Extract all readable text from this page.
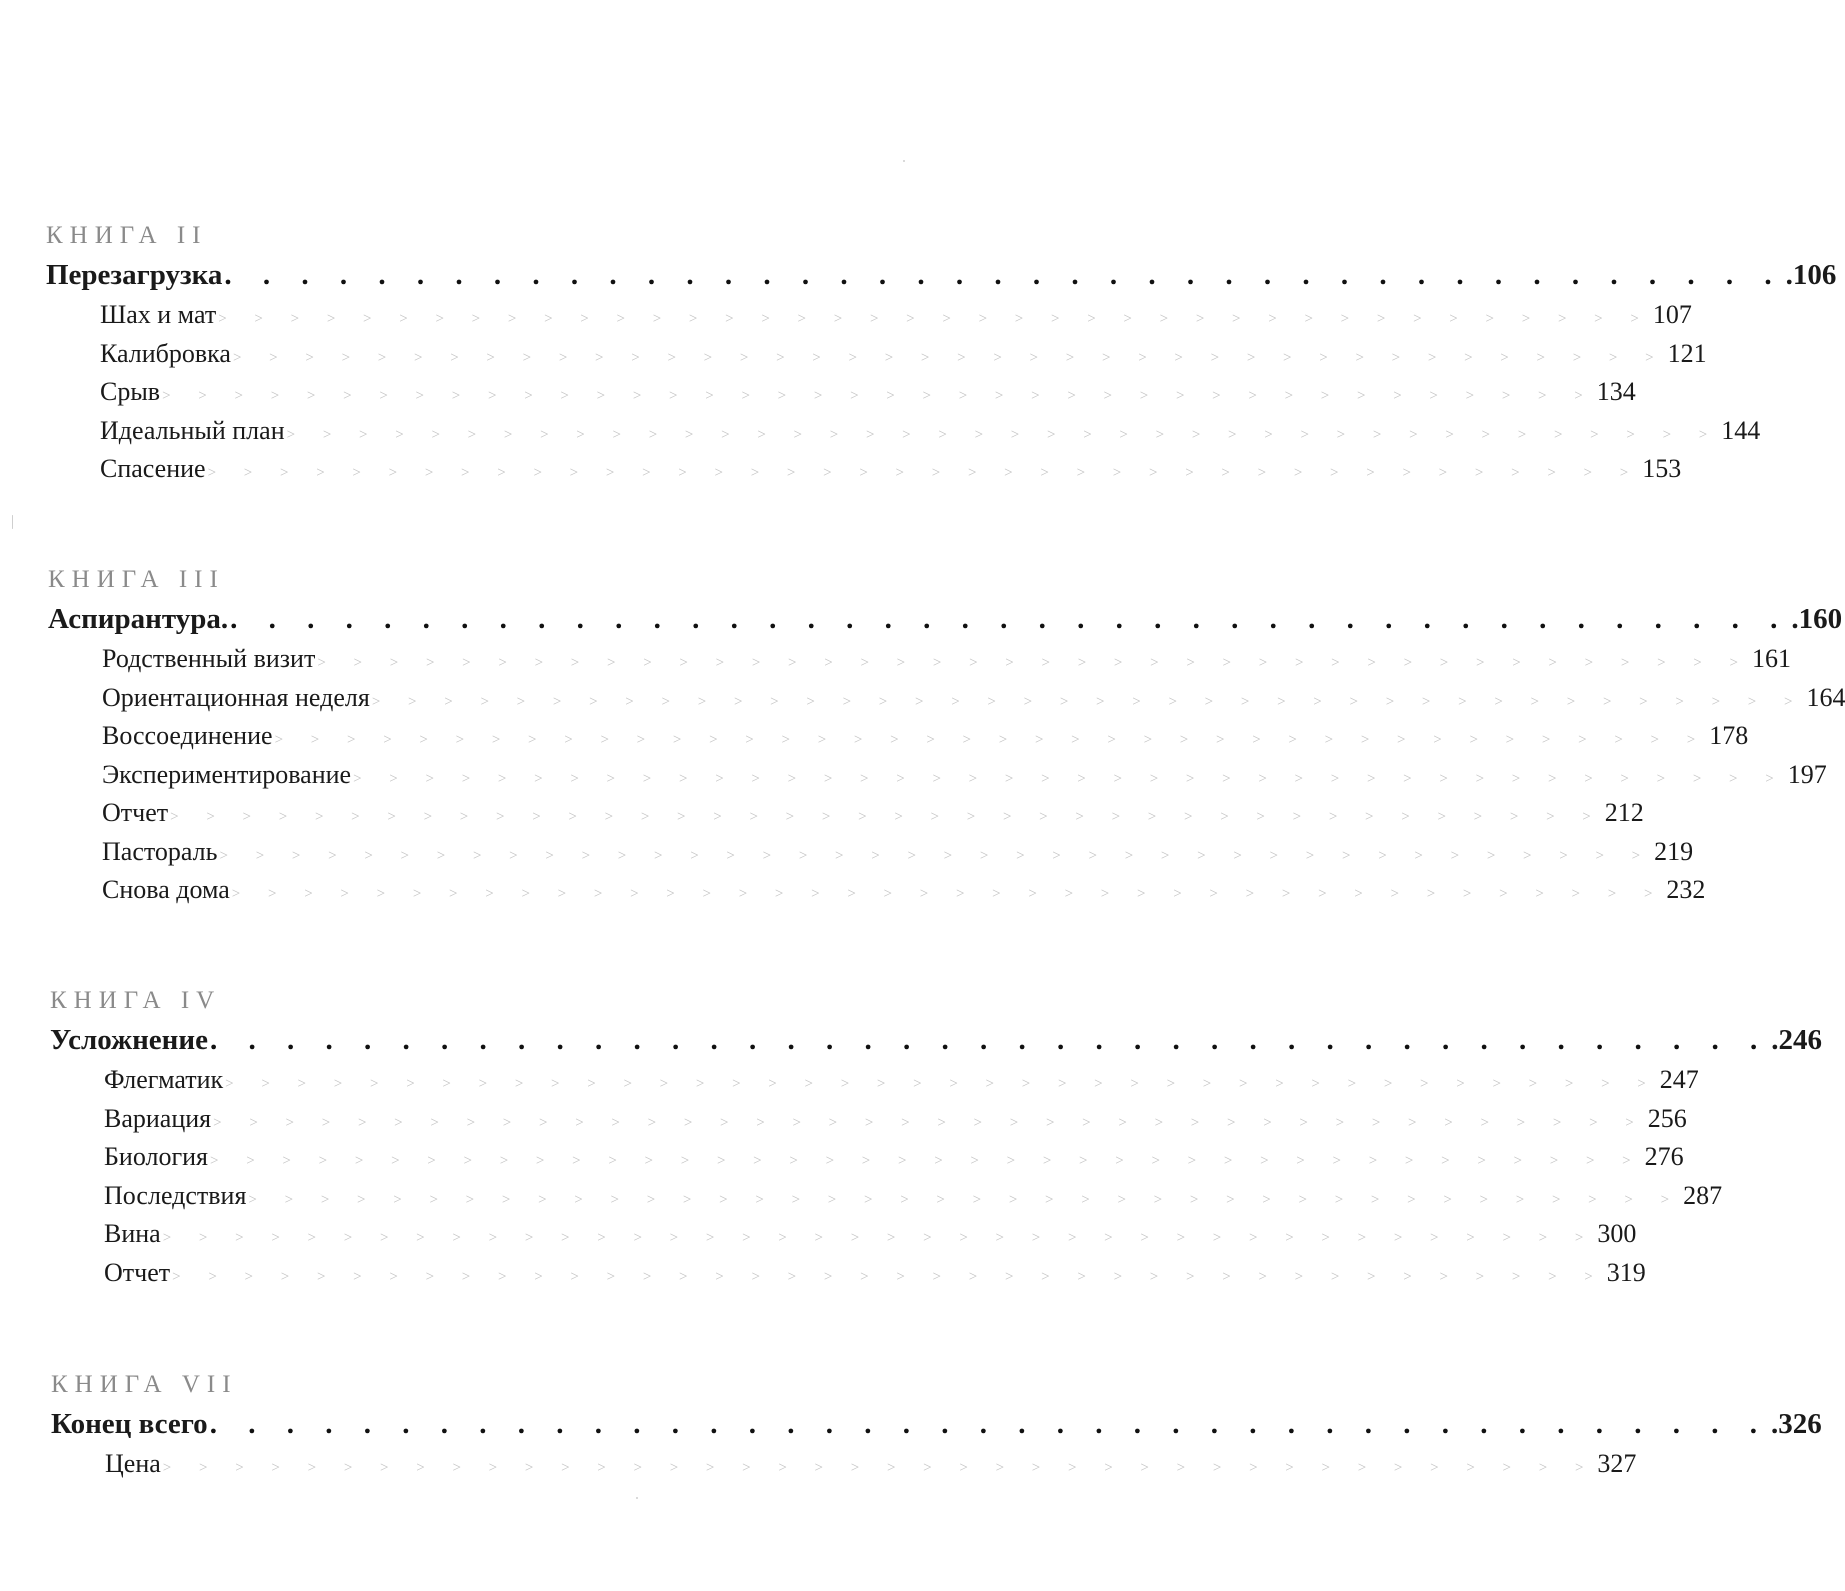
КНИГА II
Перезагрузка . . . . . . . . . . . . . . . . . . . . . . . . . . . . . . . . . . . . . . . . . .106
Шах и мат > > > > > > > > > > > > > > > > > > > > > > > > > > > > > > > > > > > > > > > > 107
Калибровка > > > > > > > > > > > > > > > > > > > > > > > > > > > > > > > > > > > > > > > > 121
Срыв > > > > > > > > > > > > > > > > > > > > > > > > > > > > > > > > > > > > > > > > 134
Идеальный план > > > > > > > > > > > > > > > > > > > > > > > > > > > > > > > > > > > > > > > > 144
Спасение > > > > > > > > > > > > > > > > > > > > > > > > > > > > > > > > > > > > > > > > 153
КНИГА III
Аспирантура. . . . . . . . . . . . . . . . . . . . . . . . . . . . . . . . . . . . . . . . . . .160
Родственный визит > > > > > > > > > > > > > > > > > > > > > > > > > > > > > > > > > > > > > > > > 161
Ориентационная неделя > > > > > > > > > > > > > > > > > > > > > > > > > > > > > > > > > > > > > > > > 164
Воссоединение > > > > > > > > > > > > > > > > > > > > > > > > > > > > > > > > > > > > > > > > 178
Экспериментирование > > > > > > > > > > > > > > > > > > > > > > > > > > > > > > > > > > > > > > > > 197
Отчет > > > > > > > > > > > > > > > > > > > > > > > > > > > > > > > > > > > > > > > > 212
Пастораль > > > > > > > > > > > > > > > > > > > > > > > > > > > > > > > > > > > > > > > > 219
Снова дома > > > > > > > > > > > > > > > > > > > > > > > > > > > > > > > > > > > > > > > > 232
КНИГА IV
Усложнение . . . . . . . . . . . . . . . . . . . . . . . . . . . . . . . . . . . . . . . . . .246
Флегматик > > > > > > > > > > > > > > > > > > > > > > > > > > > > > > > > > > > > > > > > 247
Вариация > > > > > > > > > > > > > > > > > > > > > > > > > > > > > > > > > > > > > > > > 256
Биология > > > > > > > > > > > > > > > > > > > > > > > > > > > > > > > > > > > > > > > > 276
Последствия > > > > > > > > > > > > > > > > > > > > > > > > > > > > > > > > > > > > > > > > 287
Вина > > > > > > > > > > > > > > > > > > > > > > > > > > > > > > > > > > > > > > > > 300
Отчет > > > > > > > > > > > > > > > > > > > > > > > > > > > > > > > > > > > > > > > > 319
КНИГА VII
Конец всего . . . . . . . . . . . . . . . . . . . . . . . . . . . . . . . . . . . . . . . . . .326
Цена > > > > > > > > > > > > > > > > > > > > > > > > > > > > > > > > > > > > > > > > 327
